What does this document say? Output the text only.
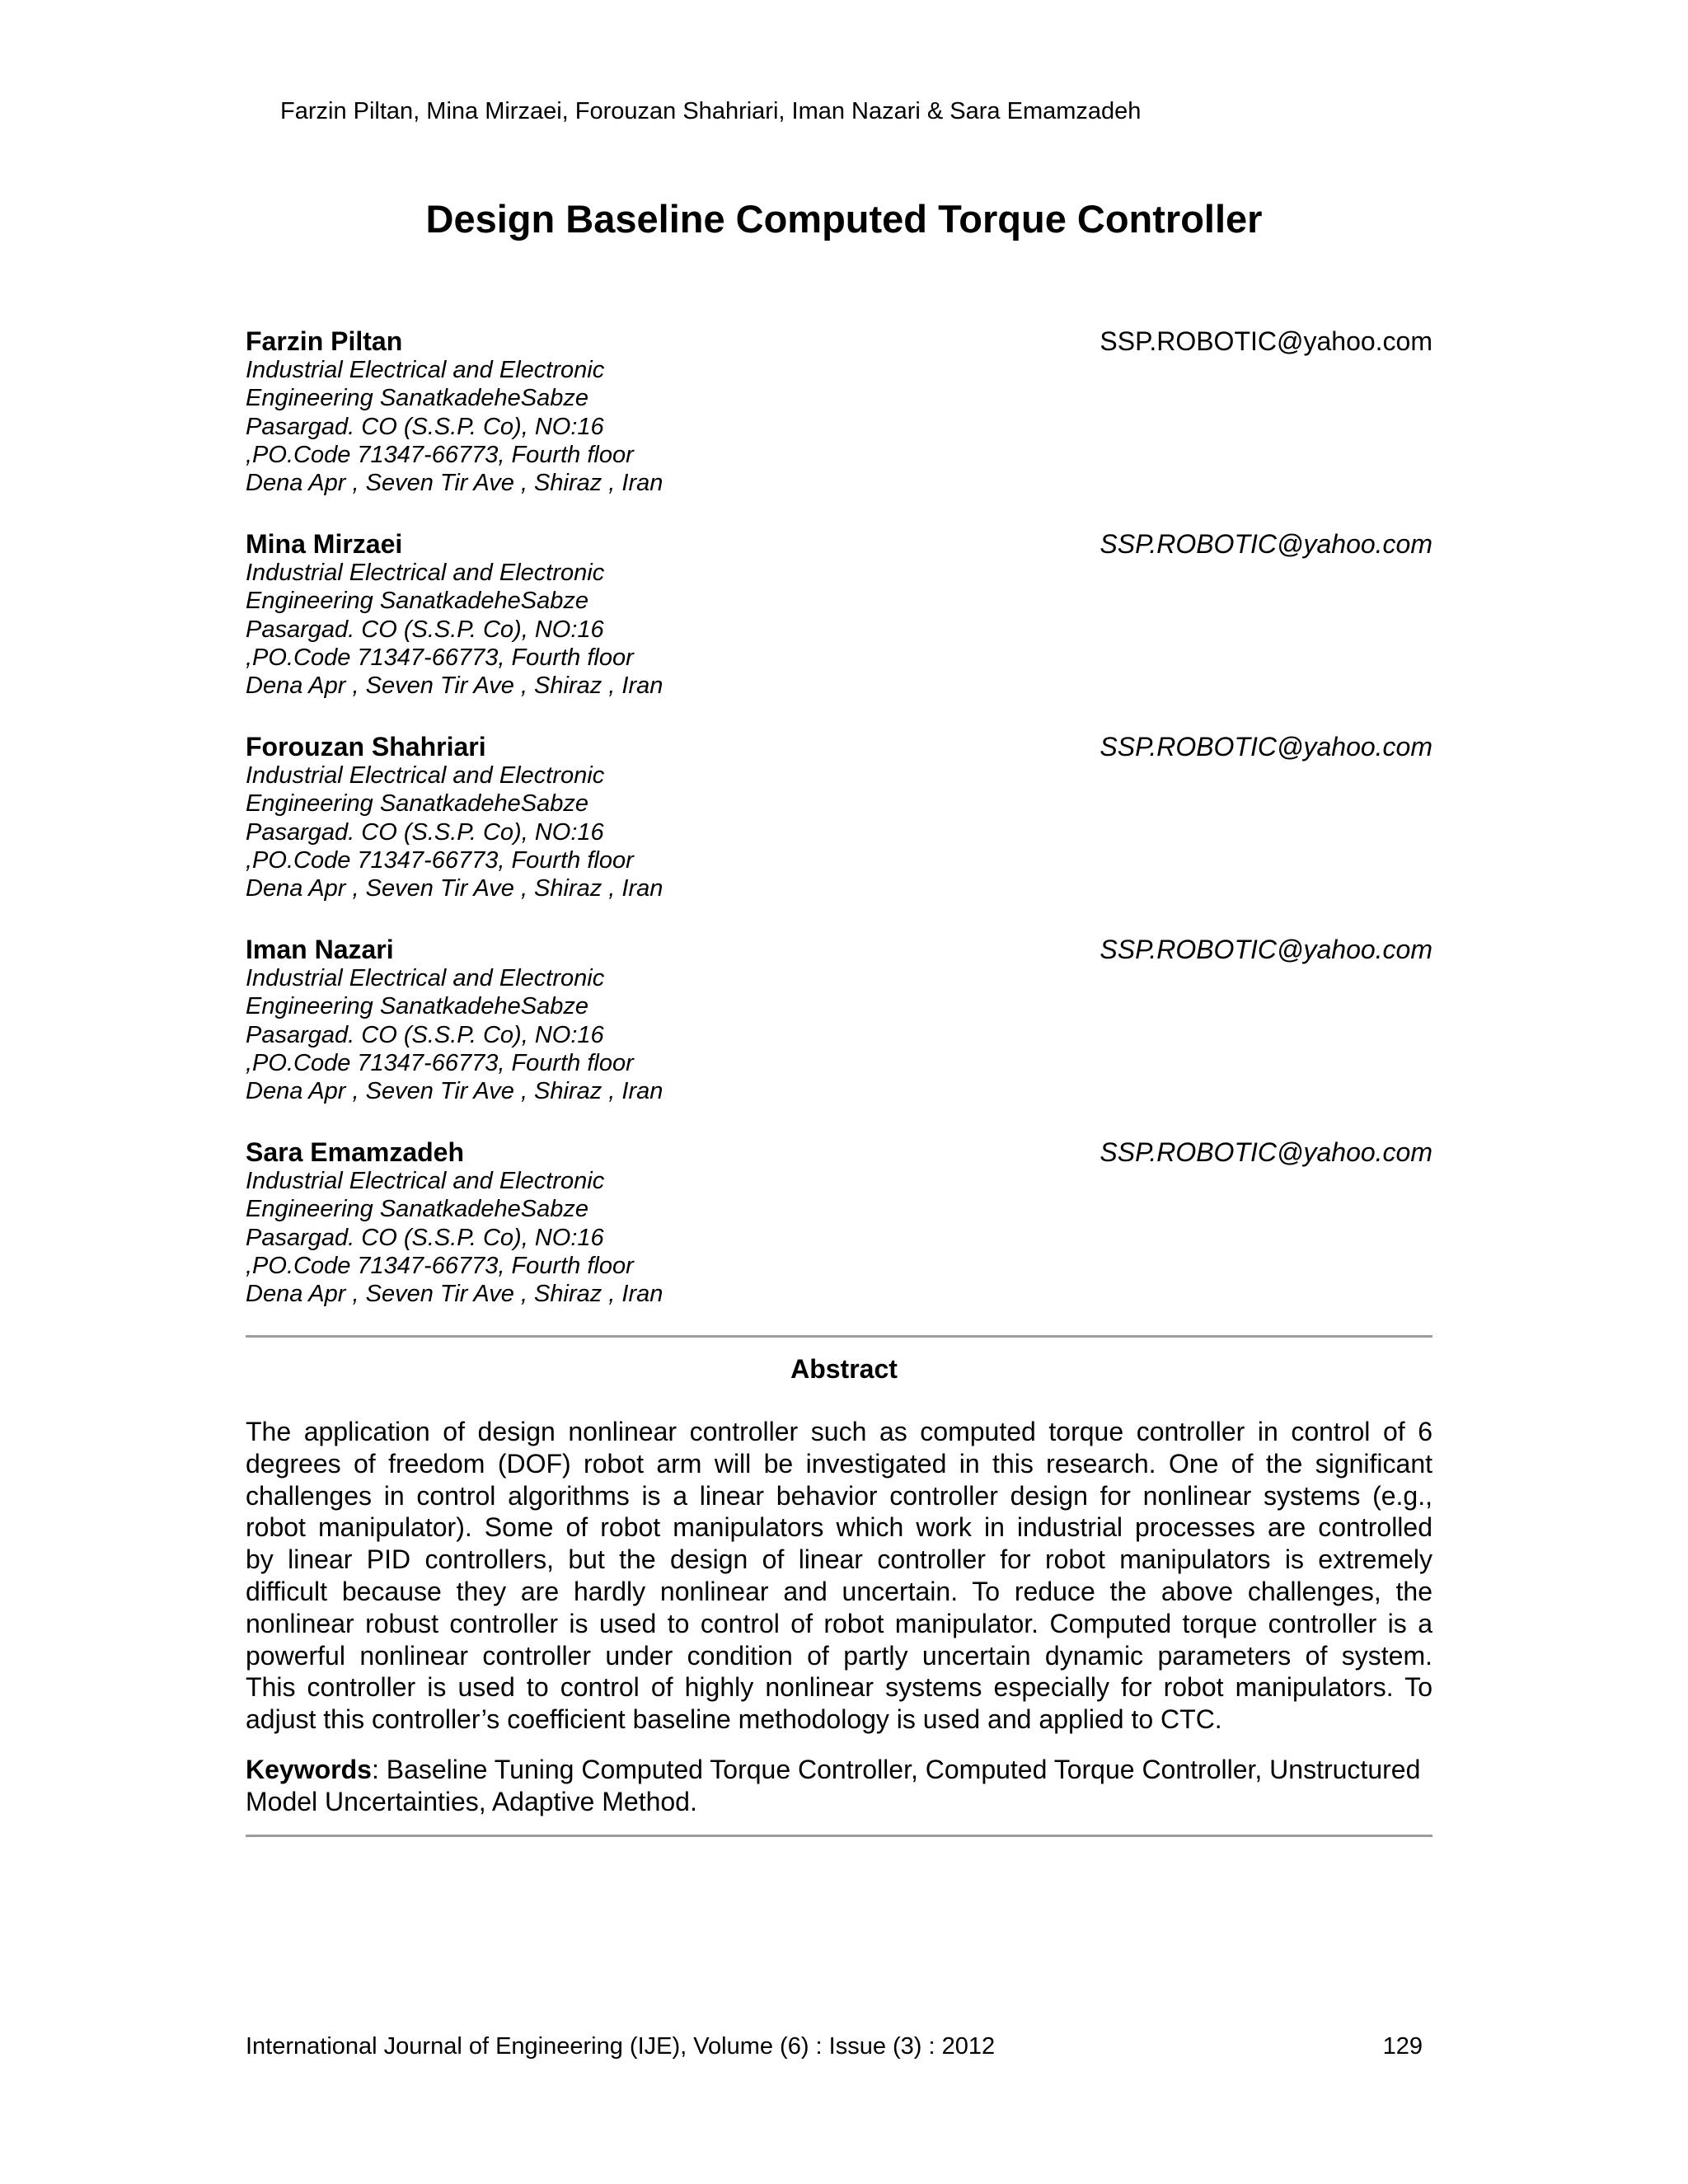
Farzin Piltan, Mina Mirzaei, Forouzan Shahriari, Iman Nazari & Sara Emamzadeh
Design Baseline Computed Torque Controller
Farzin Piltan	SSP.ROBOTIC@yahoo.com
Industrial Electrical and Electronic
Engineering SanatkadeheSabze
Pasargad. CO (S.S.P. Co), NO:16
,PO.Code 71347-66773, Fourth floor
Dena Apr , Seven Tir Ave , Shiraz , Iran
Mina Mirzaei	SSP.ROBOTIC@yahoo.com
Industrial Electrical and Electronic
Engineering SanatkadeheSabze
Pasargad. CO (S.S.P. Co), NO:16
,PO.Code 71347-66773, Fourth floor
Dena Apr , Seven Tir Ave , Shiraz , Iran
Forouzan Shahriari	SSP.ROBOTIC@yahoo.com
Industrial Electrical and Electronic
Engineering SanatkadeheSabze
Pasargad. CO (S.S.P. Co), NO:16
,PO.Code 71347-66773, Fourth floor
Dena Apr , Seven Tir Ave , Shiraz , Iran
Iman Nazari	SSP.ROBOTIC@yahoo.com
Industrial Electrical and Electronic
Engineering SanatkadeheSabze
Pasargad. CO (S.S.P. Co), NO:16
,PO.Code 71347-66773, Fourth floor
Dena Apr , Seven Tir Ave , Shiraz , Iran
Sara Emamzadeh	SSP.ROBOTIC@yahoo.com
Industrial Electrical and Electronic
Engineering SanatkadeheSabze
Pasargad. CO (S.S.P. Co), NO:16
,PO.Code 71347-66773, Fourth floor
Dena Apr , Seven Tir Ave , Shiraz , Iran
Abstract
The application of design nonlinear controller such as computed torque controller in control of 6
degrees of freedom (DOF) robot arm will be investigated in this research. One of the significant
challenges in control algorithms is a linear behavior controller design for nonlinear systems (e.g.,
robot manipulator). Some of robot manipulators which work in industrial processes are controlled
by linear PID controllers, but the design of linear controller for robot manipulators is extremely
difficult because they are hardly nonlinear and uncertain. To reduce the above challenges, the
nonlinear robust controller is used to control of robot manipulator. Computed torque controller is a
powerful nonlinear controller under condition of partly uncertain dynamic parameters of system.
This controller is used to control of highly nonlinear systems especially for robot manipulators. To
adjust this controller’s coefficient baseline methodology is used and applied to CTC.
Keywords: Baseline Tuning Computed Torque Controller, Computed Torque Controller, Unstructured Model Uncertainties, Adaptive Method.
International Journal of Engineering (IJE), Volume (6) : Issue (3) : 2012	129
